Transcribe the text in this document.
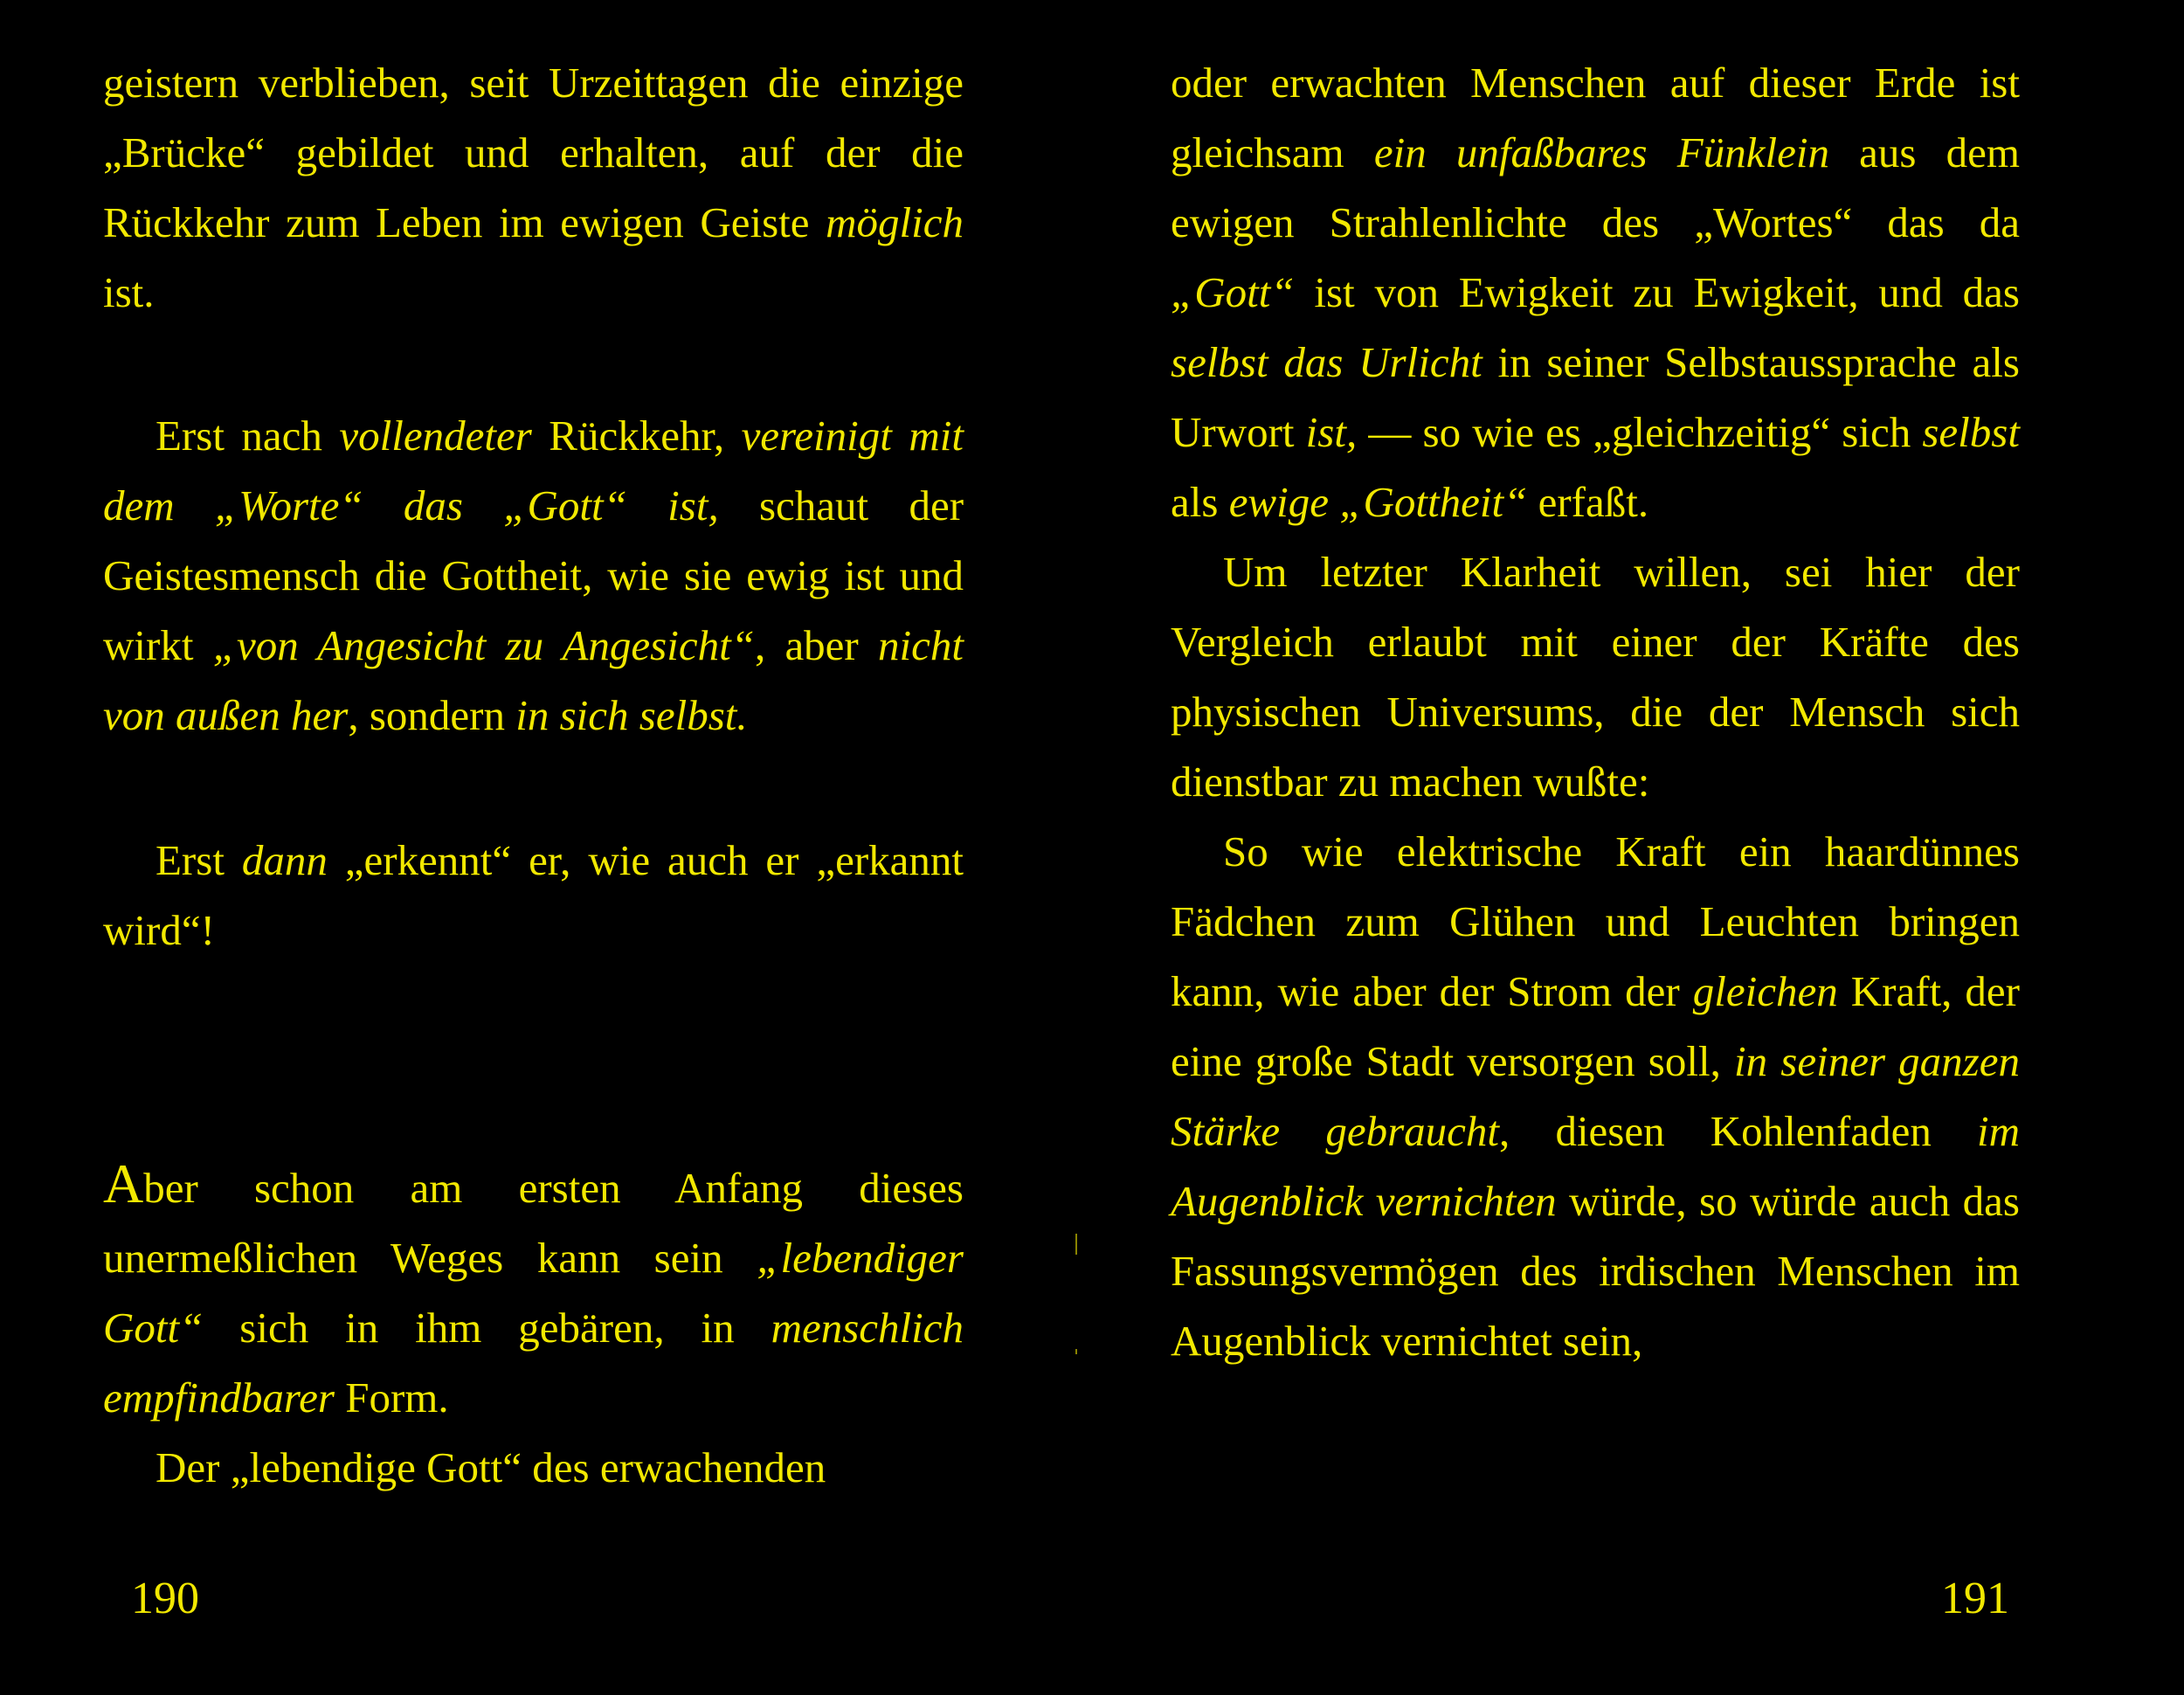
geistern verblieben, seit Urzeittagen die einzige „Brücke“ gebildet und erhalten, auf der die Rückkehr zum Leben im ewigen Geiste möglich ist.

Erst nach vollendeter Rückkehr, vereinigt mit dem „Worte“ das „Gott“ ist, schaut der Geistesmensch die Gottheit, wie sie ewig ist und wirkt „von Angesicht zu Angesicht“, aber nicht von außen her, sondern in sich selbst.

Erst dann „erkennt“ er, wie auch er „erkannt wird“!

Aber schon am ersten Anfang dieses unermeßlichen Weges kann sein „lebendiger Gott“ sich in ihm gebären, in menschlich empfindbarer Form.

Der „lebendige Gott“ des erwachenden

oder erwachten Menschen auf dieser Erde ist gleichsam ein unfaßbares Fünklein aus dem ewigen Strahlenlichte des „Wortes“ das da „Gott“ ist von Ewigkeit zu Ewigkeit, und das selbst das Urlicht in seiner Selbstaussprache als Urwort ist, — so wie es „gleichzeitig“ sich selbst als ewige „Gottheit“ erfaßt.

Um letzter Klarheit willen, sei hier der Vergleich erlaubt mit einer der Kräfte des physischen Universums, die der Mensch sich dienstbar zu machen wußte:

So wie elektrische Kraft ein haardünnes Fädchen zum Glühen und Leuchten bringen kann, wie aber der Strom der gleichen Kraft, der eine große Stadt versorgen soll, in seiner ganzen Stärke gebraucht, diesen Kohlenfaden im Augenblick vernichten würde, so würde auch das Fassungsvermögen des irdischen Menschen im Augenblick vernichtet sein,

190	191
